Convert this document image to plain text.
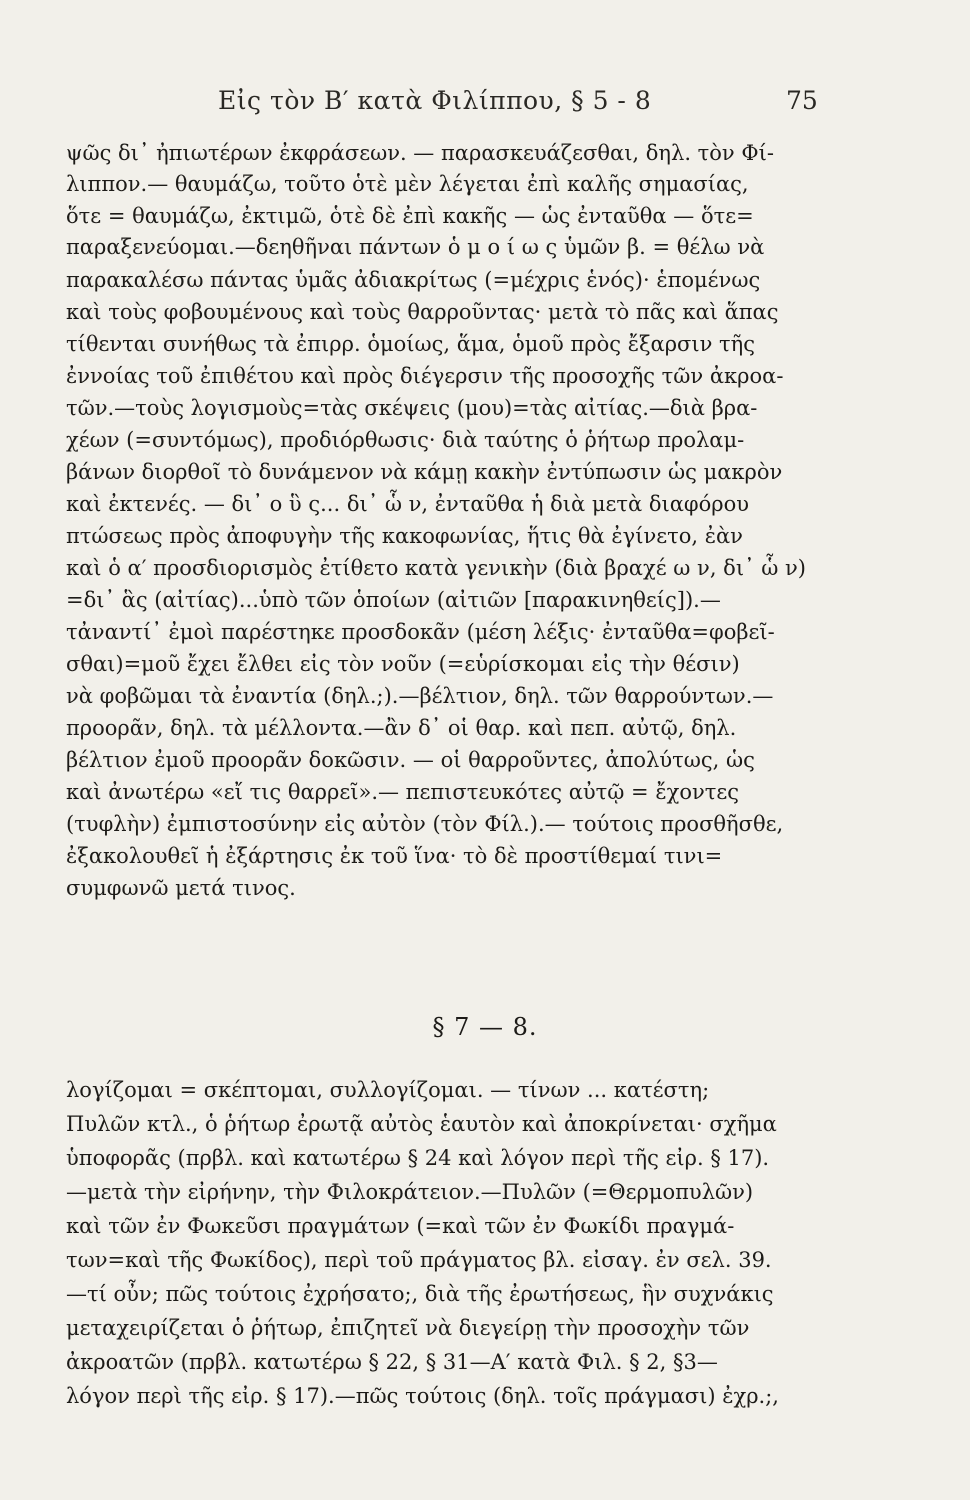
Εἰς τὸν Β′ κατὰ Φιλίππου, § 5 - 8	75
ψῶς δι᾽ ἠπιωτέρων ἐκφράσεων. — παρασκευάζεσθαι, δηλ. τὸν Φί-
λιππον.— θαυμάζω, τοῦτο ὁτὲ μὲν λέγεται ἐπὶ καλῆς σημασίας,
ὅτε = θαυμάζω, ἐκτιμῶ, ὁτὲ δὲ ἐπὶ κακῆς — ὡς ἐνταῦθα — ὅτε=
παραξενεύομαι.—δεηθῆναι πάντων ὁ μ ο ί ω ς ὑμῶν β. = θέλω νὰ
παρακαλέσω πάντας ὑμᾶς ἀδιακρίτως (=μέχρις ἑνός)· ἑπομένως
καὶ τοὺς φοβουμένους καὶ τοὺς θαρροῦντας· μετὰ τὸ πᾶς καὶ ἅπας
τίθενται συνήθως τὰ ἐπιρρ. ὁμοίως, ἅμα, ὁμοῦ πρὸς ἔξαρσιν τῆς
ἐννοίας τοῦ ἐπιθέτου καὶ πρὸς διέγερσιν τῆς προσοχῆς τῶν ἀκροα-
τῶν.—τοὺς λογισμοὺς=τὰς σκέψεις (μου)=τὰς αἰτίας.—διὰ βρα-
χέων (=συντόμως), προδιόρθωσις· διὰ ταύτης ὁ ῥήτωρ προλαμ-
βάνων διορθοῖ τὸ δυνάμενον νὰ κάμῃ κακὴν ἐντύπωσιν ὡς μακρὸν
καὶ ἐκτενές. — δι᾽ ο ὓ ς... δι᾽ ὧ ν, ἐνταῦθα ἡ διὰ μετὰ διαφόρου
πτώσεως πρὸς ἀποφυγὴν τῆς κακοφωνίας, ἥτις θὰ ἐγίνετο, ἐὰν
καὶ ὁ α′ προσδιορισμὸς ἐτίθετο κατὰ γενικὴν (διὰ βραχέ ω ν, δι᾽ ὧ ν)
=δι᾽ ἃς (αἰτίας)...ὑπὸ τῶν ὁποίων (αἰτιῶν [παρακινηθείς]).—
τἀναντί᾽ ἐμοὶ παρέστηκε προσδοκᾶν (μέση λέξις· ἐνταῦθα=φοβεῖ-
σθαι)=μοῦ ἔχει ἔλθει εἰς τὸν νοῦν (=εὑρίσκομαι εἰς τὴν θέσιν)
νὰ φοβῶμαι τὰ ἐναντία (δηλ.;).—βέλτιον, δηλ. τῶν θαρρούντων.—
προορᾶν, δηλ. τὰ μέλλοντα.—ἂν δ᾽ οἱ θαρ. καὶ πεπ. αὐτῷ, δηλ.
βέλτιον ἐμοῦ προορᾶν δοκῶσιν. — οἱ θαρροῦντες, ἀπολύτως, ὡς
καὶ ἀνωτέρω «εἴ τις θαρρεῖ».— πεπιστευκότες αὐτῷ = ἔχοντες
(τυφλὴν) ἐμπιστοσύνην εἰς αὐτὸν (τὸν Φίλ.).— τούτοις προσθῆσθε,
ἐξακολουθεῖ ἡ ἐξάρτησις ἐκ τοῦ ἵνα· τὸ δὲ προστίθεμαί τινι=
συμφωνῶ μετά τινος.
§ 7 — 8.
λογίζομαι = σκέπτομαι, συλλογίζομαι. — τίνων ... κατέστη;
Πυλῶν κτλ., ὁ ῥήτωρ ἐρωτᾷ αὐτὸς ἑαυτὸν καὶ ἀποκρίνεται· σχῆμα
ὑποφορᾶς (πρβλ. καὶ κατωτέρω § 24 καὶ λόγον περὶ τῆς εἰρ. § 17).
—μετὰ τὴν εἰρήνην, τὴν Φιλοκράτειον.—Πυλῶν (=Θερμοπυλῶν)
καὶ τῶν ἐν Φωκεῦσι πραγμάτων (=καὶ τῶν ἐν Φωκίδι πραγμά-
των=καὶ τῆς Φωκίδος), περὶ τοῦ πράγματος βλ. εἰσαγ. ἐν σελ. 39.
—τί οὖν; πῶς τούτοις ἐχρήσατο;, διὰ τῆς ἐρωτήσεως, ἣν συχνάκις
μεταχειρίζεται ὁ ῥήτωρ, ἐπιζητεῖ νὰ διεγείρῃ τὴν προσοχὴν τῶν
ἀκροατῶν (πρβλ. κατωτέρω § 22, § 31—Α′ κατὰ Φιλ. § 2, §3—
λόγον περὶ τῆς εἰρ. § 17).—πῶς τούτοις (δηλ. τοῖς πράγμασι) ἐχρ.;,
